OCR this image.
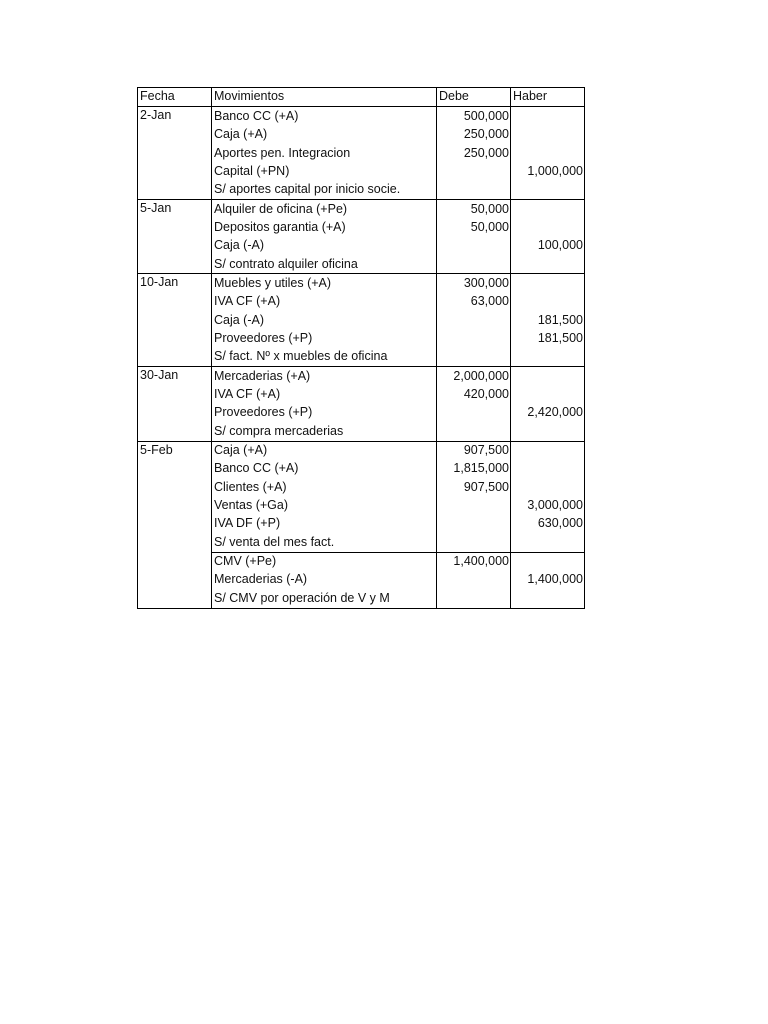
Fecha	Movimientos	Debe	Haber
2-Jan	Banco CC (+A)	500,000	
	Caja (+A)	250,000	
	Aportes pen. Integracion	250,000	
	Capital (+PN)		1,000,000
	S/ aportes capital por inicio socie.		
5-Jan	Alquiler de oficina (+Pe)	50,000	
	Depositos garantia (+A)	50,000	
	Caja (-A)		100,000
	S/ contrato alquiler oficina		
10-Jan	Muebles y utiles (+A)	300,000	
	IVA CF (+A)	63,000	
	Caja (-A)		181,500
	Proveedores (+P)		181,500
	S/ fact. Nº x muebles de oficina		
30-Jan	Mercaderias (+A)	2,000,000	
	IVA CF (+A)	420,000	
	Proveedores (+P)		2,420,000
	S/ compra mercaderias		
5-Feb	Caja (+A)	907,500	
	Banco CC (+A)	1,815,000	
	Clientes (+A)	907,500	
	Ventas (+Ga)		3,000,000
	IVA DF (+P)		630,000
	S/ venta del mes fact.		
	CMV (+Pe)	1,400,000	
	Mercaderias (-A)		1,400,000
	S/ CMV por operación de V y M		
